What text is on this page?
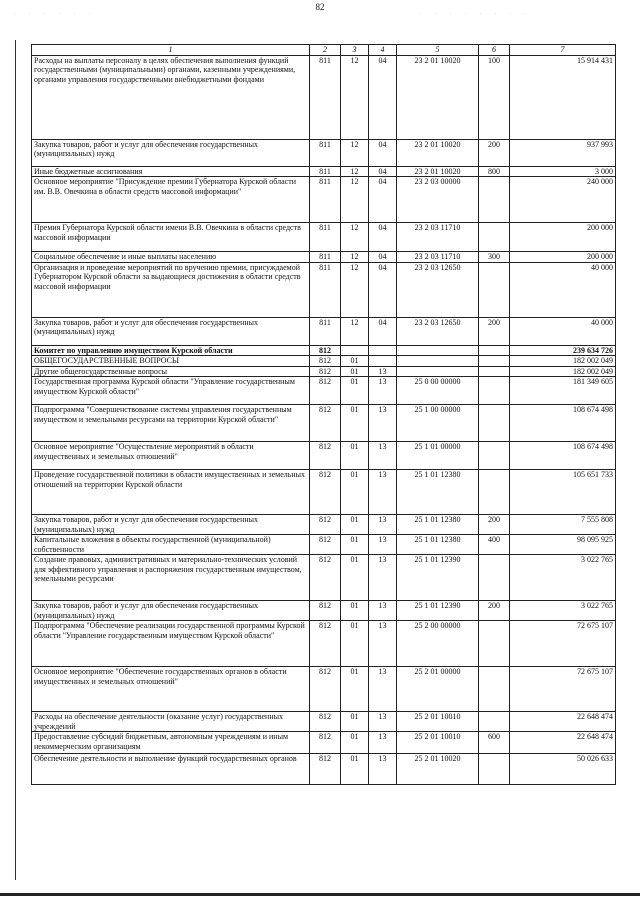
· · · · · ·	· · · · · · · ·
82
1	2	3	4	5	6	7
Расходы на выплаты персоналу в целях обеспечения выполнения функций государственными (муниципальными) органами, казенными учреждениями, органами управления государственными внебюджетными фондами	811	12	04	23 2 01 10020	100	15 914 431
Закупка товаров, работ и услуг для обеспечения государственных (муниципальных) нужд	811	12	04	23 2 01 10020	200	937 993
Иные бюджетные ассигнования	811	12	04	23 2 01 10020	800	3 000
Основное мероприятие "Присуждение премии Губернатора Курской области им. В.В. Овечкина в области средств массовой информации"	811	12	04	23 2 03 00000		240 000
Премия Губернатора Курской области имени В.В. Овечкина в области средств массовой информации	811	12	04	23 2 03 11710		200 000
Социальное обеспечение и иные выплаты населению	811	12	04	23 2 03 11710	300	200 000
Организация и проведение мероприятий по вручению премии, присуждаемой Губернатором Курской области за выдающиеся достижения в области средств массовой информации	811	12	04	23 2 03 12650		40 000
Закупка товаров, работ и услуг для обеспечения государственных (муниципальных) нужд	811	12	04	23 2 03 12650	200	40 000
Комитет по управлению имуществом Курской области	812					239 634 726
ОБЩЕГОСУДАРСТВЕННЫЕ ВОПРОСЫ	812	01				182 002 049
Другие общегосударственные вопросы	812	01	13			182 002 049
Государственная программа Курской области "Управление государственным имуществом Курской области"	812	01	13	25 0 00 00000		181 349 605
Подпрограмма "Совершенствование системы управления государственным имуществом и земельными ресурсами на территории Курской области"	812	01	13	25 1 00 00000		108 674 498
Основное мероприятие "Осуществление мероприятий в области имущественных и земельных отношений"	812	01	13	25 1 01 00000		108 674 498
Проведение государственной политики в области имущественных и земельных отношений на территории Курской области	812	01	13	25 1 01 12380		105 651 733
Закупка товаров, работ и услуг для обеспечения государственных (муниципальных) нужд	812	01	13	25 1 01 12380	200	7 555 808
Капитальные вложения в объекты государственной (муниципальной) собственности	812	01	13	25 1 01 12380	400	98 095 925
Создание правовых, административных и материально-технических условий для эффективного управления и распоряжения государственным имуществом, земельными ресурсами	812	01	13	25 1 01 12390		3 022 765
Закупка товаров, работ и услуг для обеспечения государственных (муниципальных) нужд	812	01	13	25 1 01 12390	200	3 022 765
Подпрограмма "Обеспечение реализации государственной программы Курской области "Управление государственным имуществом Курской области"	812	01	13	25 2 00 00000		72 675 107
Основное мероприятие "Обеспечение государственных органов в области имущественных и земельных отношений"	812	01	13	25 2 01 00000		72 675 107
Расходы на обеспечение деятельности (оказание услуг) государственных учреждений	812	01	13	25 2 01 10010		22 648 474
Предоставление субсидий бюджетным, автономным учреждениям и иным некоммерческим организациям	812	01	13	25 2 01 10010	600	22 648 474
Обеспечение деятельности и выполнение функций государственных органов	812	01	13	25 2 01 10020		50 026 633
